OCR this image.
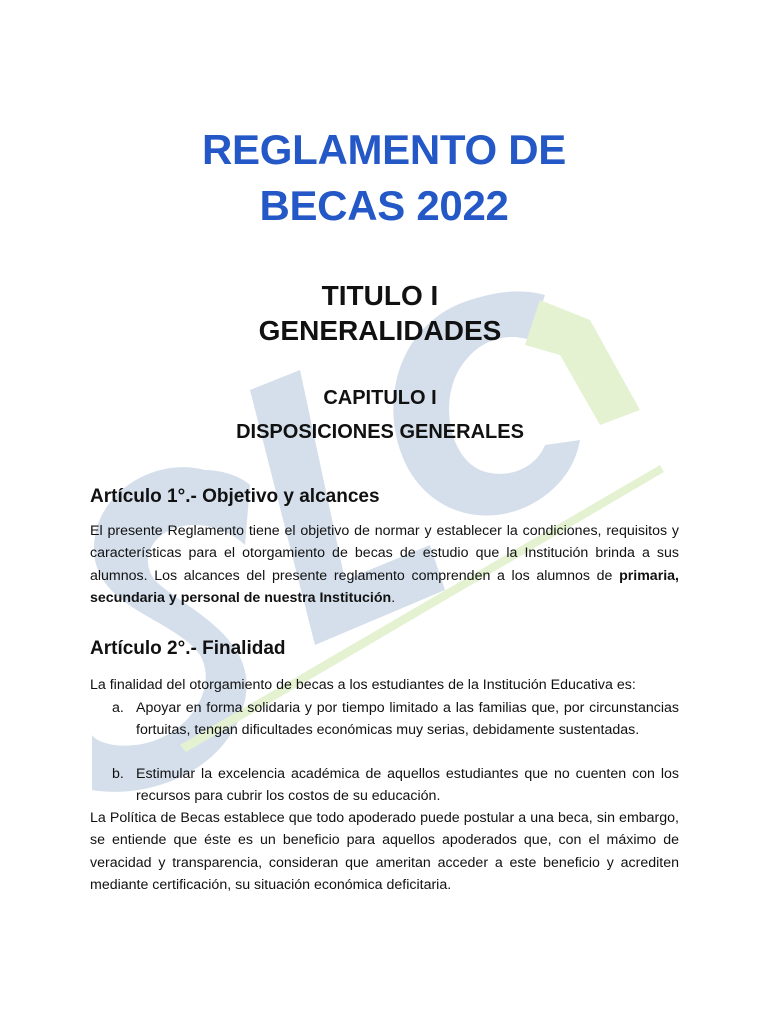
REGLAMENTO DE
BECAS 2022
TITULO I
GENERALIDADES
CAPITULO I
DISPOSICIONES GENERALES
Artículo 1°.- Objetivo y alcances
El presente Reglamento tiene el objetivo de normar y establecer la condiciones, requisitos y características para el otorgamiento de becas de estudio que la Institución brinda a sus alumnos. Los alcances del presente reglamento comprenden a los alumnos de primaria, secundaria y personal de nuestra Institución.
Artículo 2°.- Finalidad
La finalidad del otorgamiento de becas a los estudiantes de la Institución Educativa es:
a. Apoyar en forma solidaria y por tiempo limitado a las familias que, por circunstancias fortuitas, tengan dificultades económicas muy serias, debidamente sustentadas.
b. Estimular la excelencia académica de aquellos estudiantes que no cuenten con los recursos para cubrir los costos de su educación.
La Política de Becas establece que todo apoderado puede postular a una beca, sin embargo, se entiende que éste es un beneficio para aquellos apoderados que, con el máximo de veracidad y transparencia, consideran que ameritan acceder a este beneficio y acrediten mediante certificación, su situación económica deficitaria.
